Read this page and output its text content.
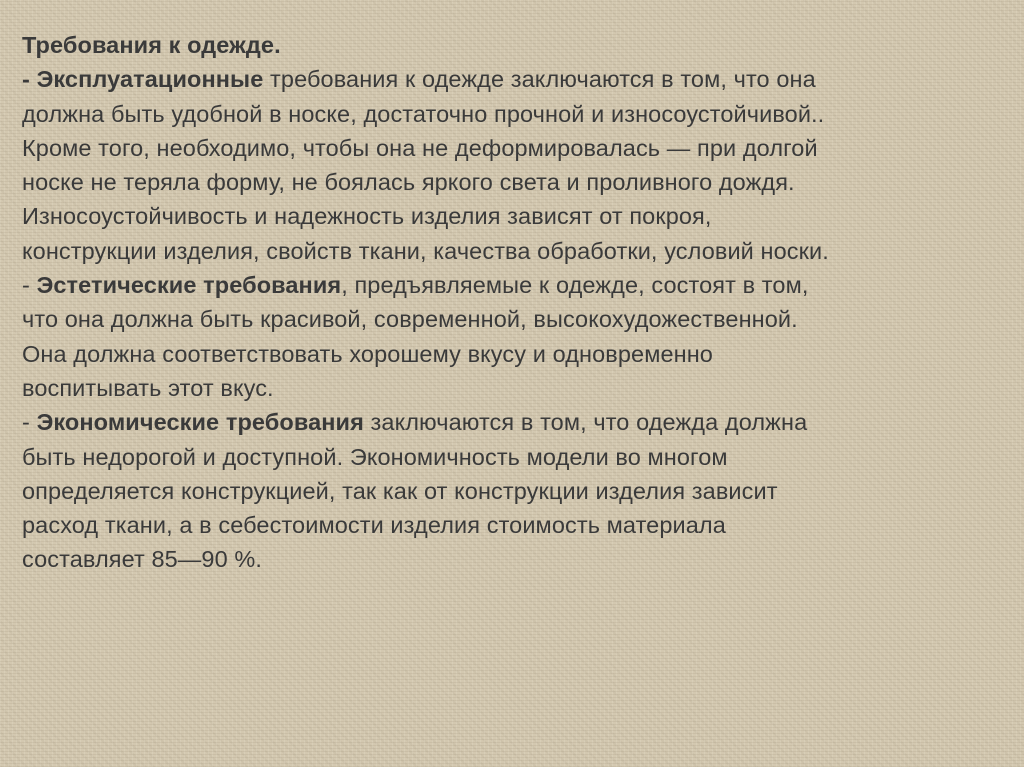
Требования к одежде.
- Эксплуатационные требования к одежде заключаются в том, что она
должна быть удобной в носке, достаточно прочной и износоустойчивой..
Кроме того, необходимо, чтобы она не деформировалась — при долгой
носке не теряла форму, не боялась яркого света и проливного дождя.
Износоустойчивость и надежность изделия зависят от покроя,
конструкции изделия, свойств ткани, качества обработки, условий носки.
- Эстетические требования, предъявляемые к одежде, состоят в том,
что она должна быть красивой, современной, высокохудожественной.
Она должна соответствовать хорошему вкусу и одновременно
воспитывать этот вкус.
- Экономические требования заключаются в том, что одежда должна
быть недорогой и доступной. Экономичность модели во многом
определяется конструкцией, так как от конструкции изделия зависит
расход ткани, а в себестоимости изделия стоимость материала
составляет 85—90 %.
